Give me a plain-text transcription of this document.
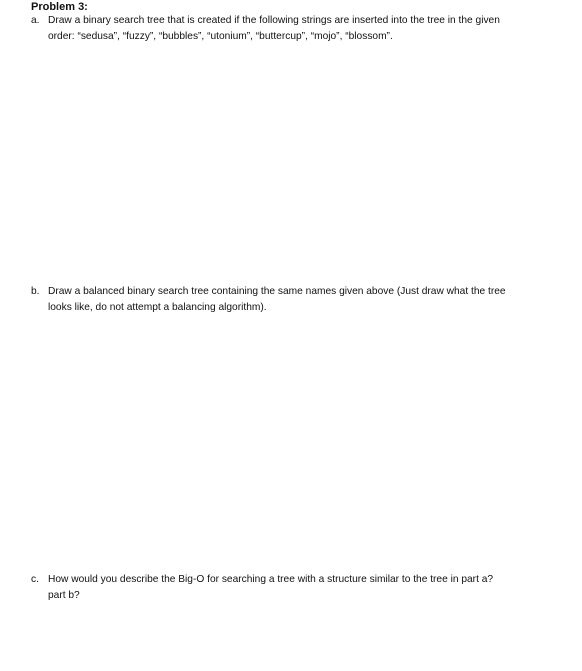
Problem 3:
a. Draw a binary search tree that is created if the following strings are inserted into the tree in the given
order: “sedusa”, “fuzzy”, “bubbles”, “utonium”, “buttercup”, “mojo”, “blossom”.
b. Draw a balanced binary search tree containing the same names given above (Just draw what the tree
looks like, do not attempt a balancing algorithm).
c. How would you describe the Big-O for searching a tree with a structure similar to the tree in part a?
part b?
